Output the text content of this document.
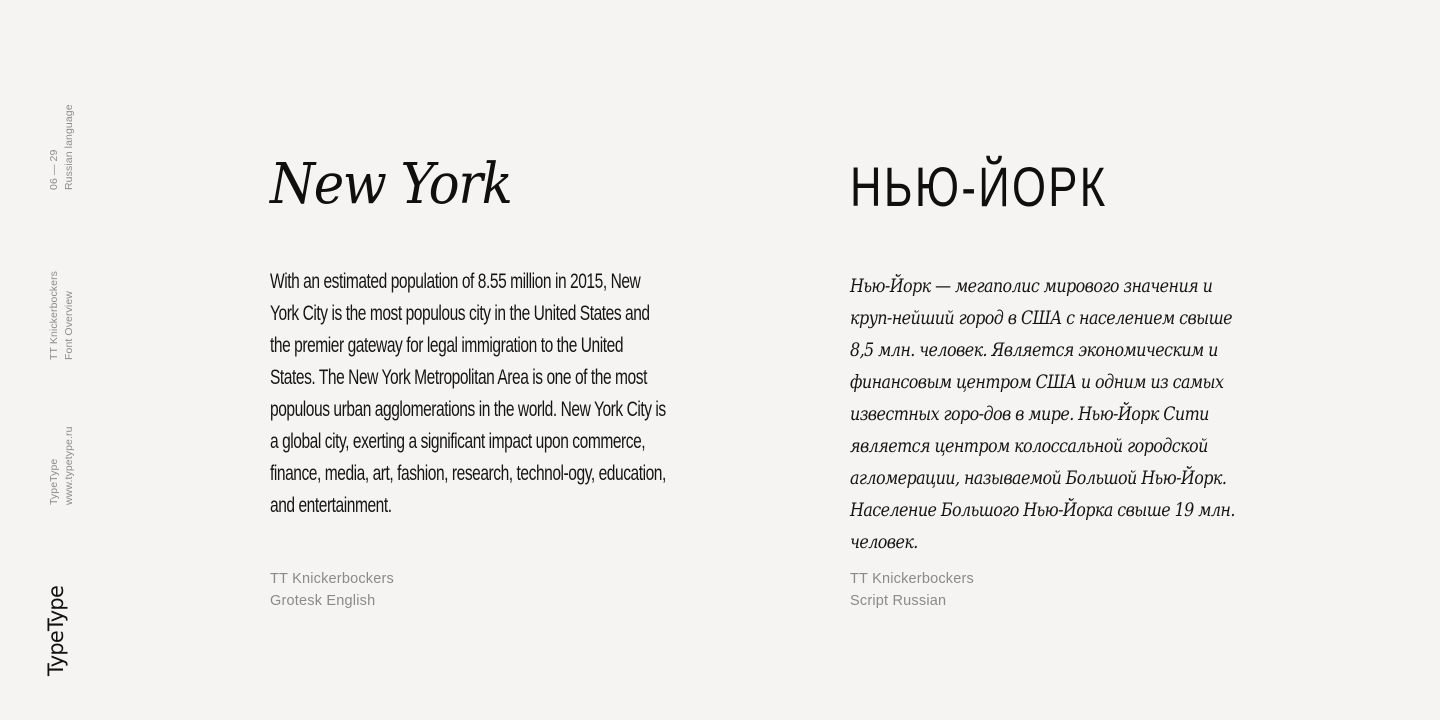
06 — 29 Russian language
TT Knickerbockers Font Overview
TypeType www.typetype.ru
TypeType
New York
With an estimated population of 8.55 million in 2015, New York City is the most populous city in the United States and the premier gateway for legal immigration to the United States. The New York Metropolitan Area is one of the most populous urban agglomerations in the world. New York City is a global city, exerting a significant impact upon commerce, finance, media, art, fashion, research, technol-ogy, education, and entertainment.
TT Knickerbockers
Grotesk English
НЬЮ-ЙОРК
Нью-Йорк — мегаполис мирового значения и круп-нейший город в США с населением свыше 8,5 млн. человек. Является экономическим и финансовым центром США и одним из самых известных горо-дов в мире. Нью-Йорк Сити является центром колоссальной городской агломерации, называемой Большой Нью-Йорк. Население Большого Нью-Йорка свыше 19 млн. человек.
TT Knickerbockers
Script Russian
